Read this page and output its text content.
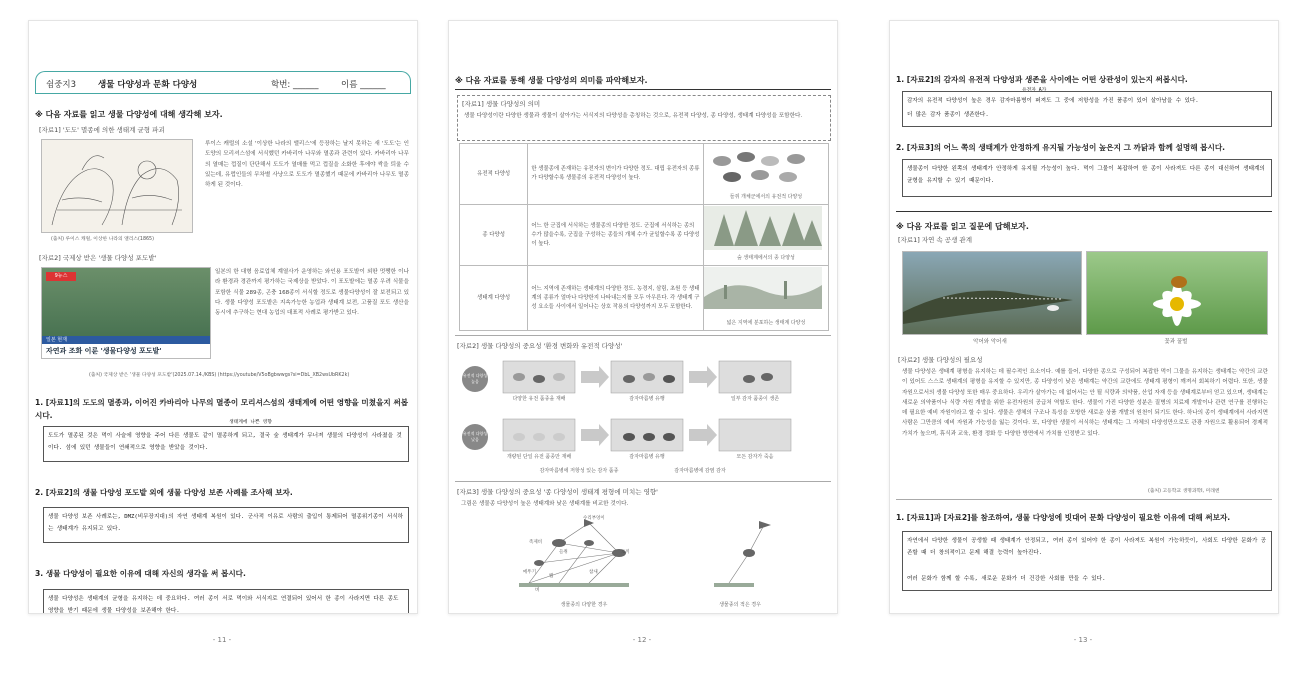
쉼중지3	생물 다양성과 문화 다양성	학번: ______	이름 ______
※ 다음 자료를 읽고 생물 다양성에 대해 생각해 보자.
[자료1] '도도' 멸종에 의한 생태계 균형 파괴
(출처) 루이스 캐럴, 이상한 나라의 앨리스(1865)
루이스 캐럴의 소설 '이상한 나라의 앨리스'에 등장하는 날지 못하는 새 '도도'는 인도양의 모리셔스섬에 서식했던 카바리아 나무와 멸종과 관련이 있다. 카바리아 나무의 열매는 껍질이 단단해서 도도가 열매를 먹고 껍질을 소화한 후에야 싹을 틔울 수 있는데, 유럽인들의 무차별 사냥으로 도도가 멸종했기 때문에 카바리아 나무도 멸종하게 된 것이다.
[자료2] 국제상 받은 '생물 다양성 포도밭'
9뉴스
일본 현재
자연과 조화 이룬 '생물다양성 포도밭'
일본의 한 대형 음료업체 계열사가 운영하는 와인용 포도밭이 외딴 멋쨍한 이나라 환경과 경관까지 평가하는 국제상을 받았다. 이 포도밭에는 멸종 우려 식물을 포함한 식물 289종, 곤충 168종이 서식할 정도로 생물다양성이 잘 보전되고 있다. 생물 다양성 포도밭은 지속가능한 농업과 생태계 보전, 고품질 포도 생산을 동시에 추구하는 현대 농업의 대표적 사례로 평가받고 있다.
(출처) 국제상 받은 '생물 다양성 포도밭'(2025.07.14./KBS) (https://youtube/V5oBgbwwgs?si=DbL_XB2wsUbRK2k)
1. [자료1]의 도도의 멸종과, 이어진 카바리아 나무의 멸종이 모리셔스섬의 생태계에 어떤 영향을 미쳤을지 써봅시다.
생태계에 나쁜 영향
도도가 멸종된 것은 먹이 사슬에 영향을 주어 다른 생물도 같이 멸종하게 되고, 결국 숲 생태계가 무너져 생물의 다양성이 사라졌을 것이다. 섬에 있던 생물들이 연쇄적으로 영향을 받았을 것이다.
2. [자료2]의 생물 다양성 포도밭 외에 생물 다양성 보존 사례를 조사해 보자.
생물 다양성 보존 사례로는, DMZ(비무장지대)의 자연 생태계 복원이 있다. 군사적 이유로 사람의 출입이 통제되어 멸종위기종이 서식하는 생태계가 유지되고 있다.
3. 생물 다양성이 필요한 이유에 대해 자신의 생각을 써 봅시다.
생물 다양성은 생태계의 균형을 유지하는 데 중요하다. 여러 종이 서로 먹이와 서식지로 연결되어 있어서 한 종이 사라지면 다른 종도 영향을 받기 때문에 생물 다양성을 보존해야 한다.
- 11 -
※ 다음 자료를 통해 생물 다양성의 의미를 파악해보자.
[자료1] 생물 다양성의 의미
생물 다양성이란 다양한 생물과 생물이 살아가는 서식지의 다양성을 총칭하는 것으로, 유전적 다양성, 종 다양성, 생태계 다양성을 포함한다.
유전적 다양성	한 생물종에 존재하는 유전자의 변이가 다양한 정도. 대립 유전자의 종류가 다양할수록 생물종의 유전적 다양성이 높다.	들쥐 개체군에서의 유전적 다양성

종 다양성	어느 한 군집에 서식하는 생물종의 다양한 정도. 군집에 서식하는 종의 수가 많을수록, 군집을 구성하는 종들의 개체 수가 균일할수록 종 다양성이 높다.	숲 생태계에서의 종 다양성

생태계 다양성	어느 지역에 존재하는 생태계의 다양한 정도. 농경지, 삼림, 초원 등 생태계의 종류가 얼마나 다양한지 나타내는지를 모두 아우른다. 각 생태계 구성 요소들 사이에서 일어나는 상호 작용의 다양성까지 모두 포함한다.	넓은 지역에 분포하는 생태계 다양성
[자료2] 생물 다양성의 중요성 '환경 변화와 유전적 다양성'
유전적 다양성 높음
유전적 다양성 낮음
다양한 유전 품종을 재배	감자마름병 유행	일부 감자 품종이 생존
개량된 단일 유전 품종만 재배	감자마름병 유행	모든 감자가 죽음
감자마름병에 저항성 있는 감자 품종	감자마름병에 감염 감자
[자료3] 생물 다양성의 중요성 '종 다양성이 생태계 평형에 미치는 영향'
그림은 생물종 다양성이 높은 생태계와 낮은 생태계를 비교한 것이다.
수리부엉이
족제비
토끼
들쥐
메뚜기	참새
뱀
벼
생물종의 다양한 경우	생물종의 적은 경우
- 12 -
1. [자료2]의 감자의 유전적 다양성과 생존을 사이에는 어떤 상관성이 있는지 써봅시다.
유전자 A가
감자의 유전적 다양성이 높은 경우 감자마름병이 퍼져도 그 중에 저항성을 가진 품종이 있어 살아남을 수 있다.
더 많은 감자 품종이 생존한다.
2. [자료3]의 어느 쪽의 생태계가 안정하게 유지될 가능성이 높은지 그 까닭과 함께 설명해 봅시다.
생물종이 다양한 왼쪽의 생태계가 안정하게 유지될 가능성이 높다. 먹이 그물이 복잡하여 한 종이 사라져도 다른 종이 대신하여 생태계의 균형을 유지할 수 있기 때문이다.
※ 다음 자료를 읽고 질문에 답해보자.
[자료1] 자연 속 공생 관계
악어와 악어새	꽃과 꿀벌
[자료2] 생물 다양성의 필요성
생물 다양성은 생태계 평형을 유지하는 데 필수적인 요소이다. 예를 들어, 다양한 종으로 구성되어 복잡한 먹이 그물을 유지하는 생태계는 약간의 교란이 있어도 스스로 생태계의 평형을 유지할 수 있지만, 종 다양성이 낮은 생태계는 약간의 교란에도 생태계 평형이 깨져서 회복하기 어렵다. 또한, 생물 자원으로서의 생물 다양성 또한 매우 중요하다. 우리가 살아가는 데 없어서는 안 될 식량과 의약품, 산업 자재 등을 생태계로부터 얻고 있으며, 생태계는 새로운 의약품이나 식량 자원 개발을 위한 유전자원의 공급처 역할도 한다. 생물이 가진 다양한 성분은 질병의 치료제 개발이나 관련 연구를 진행하는 데 필요한 예비 자원이라고 할 수 있다. 생물은 생체의 구조나 특성을 모방한 새로운 상품 개발의 원천이 되기도 한다. 하나의 종이 생태계에서 사라지면 사람은 그만큼의 예비 자원과 가능성을 잃는 것이다. 또, 다양한 생물이 서식하는 생태계는 그 자체의 다양성만으로도 관광 자원으로 활용되어 경제적 가치가 높으며, 휴식과 교육, 환경 정화 등 다양한 방면에서 가치를 인정받고 있다.
(출처) 고등학교 생명과학Ⅰ, 미래엔
1. [자료1]과 [자료2]를 참조하여, 생물 다양성에 빗대어 문화 다양성이 필요한 이유에 대해 써보자.
자연에서 다양한 생물이 공생할 때 생태계가 안정되고, 여러 종이 있어야 한 종이 사라져도 복원이 가능하듯이, 사회도 다양한 문화가 공존할 때 더 창의적이고 문제 해결 능력이 높아진다.
여러 문화가 함께 할 수록, 새로운 문화가 더 건강한 사회를 만들 수 있다.
- 13 -
